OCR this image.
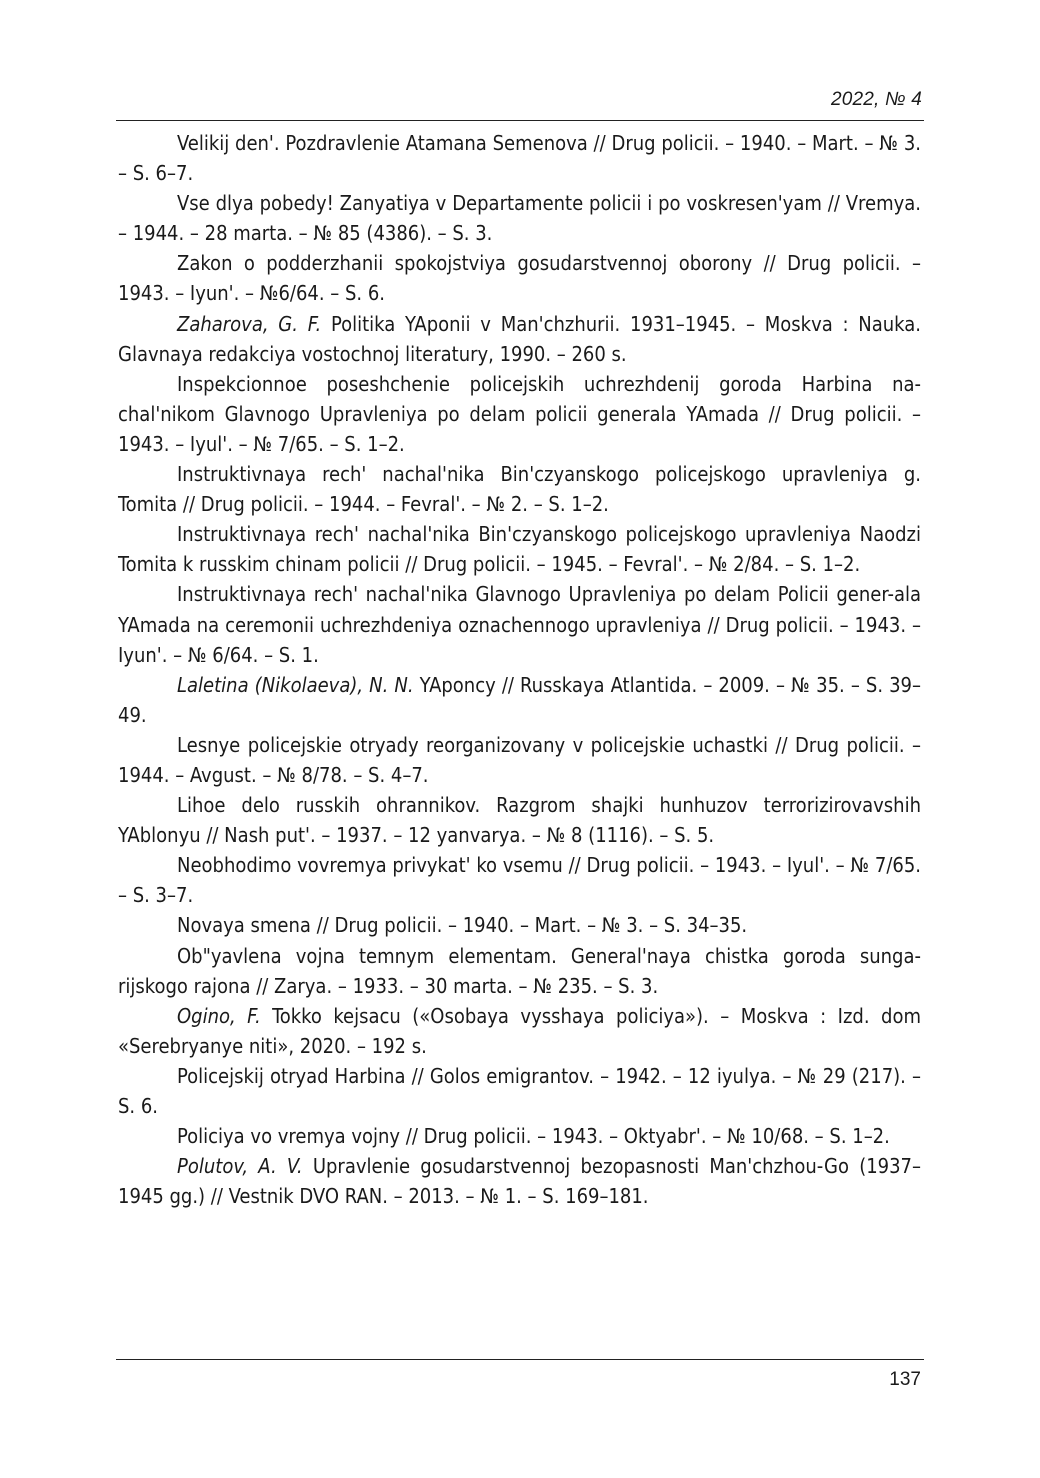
2022, № 4

Velikij den'. Pozdravlenie Atamana Semenova // Drug policii. – 1940. – Mart. – № 3. – S. 6–7.

Vse dlya pobedy! Zanyatiya v Departamente policii i po voskresen'yam // Vremya. – 1944. – 28 marta. – № 85 (4386). – S. 3.

Zakon o podderzhanii spokojstviya gosudarstvennoj oborony // Drug policii. – 1943. – Iyun'. – №6/64. – S. 6.

Zaharova, G. F. Politika YAponii v Man'chzhurii. 1931–1945. – Moskva : Nauka. Glavnaya redakciya vostochnoj literatury, 1990. – 260 s.

Inspekcionnoe poseshchenie policejskih uchrezhdenij goroda Harbina na-chal'nikom Glavnogo Upravleniya po delam policii generala YAmada // Drug policii. – 1943. – Iyul'. – № 7/65. – S. 1–2.

Instruktivnaya rech' nachal'nika Bin'czyanskogo policejskogo upravleniya g. Tomita // Drug policii. – 1944. – Fevral'. – № 2. – S. 1–2.

Instruktivnaya rech' nachal'nika Bin'czyanskogo policejskogo upravleniya Naodzi Tomita k russkim chinam policii // Drug policii. – 1945. – Fevral'. – № 2/84. – S. 1–2.

Instruktivnaya rech' nachal'nika Glavnogo Upravleniya po delam Policii gener-ala YAmada na ceremonii uchrezhdeniya oznachennogo upravleniya // Drug policii. – 1943. – Iyun'. – № 6/64. – S. 1.

Laletina (Nikolaeva), N. N. YAponcy // Russkaya Atlantida. – 2009. – № 35. – S. 39–49.

Lesnye policejskie otryady reorganizovany v policejskie uchastki // Drug policii. – 1944. – Avgust. – № 8/78. – S. 4–7.

Lihoe delo russkih ohrannikov. Razgrom shajki hunhuzov terrorizirovavshih YAblonyu // Nash put'. – 1937. – 12 yanvarya. – № 8 (1116). – S. 5.

Neobhodimo vovremya privykat' ko vsemu // Drug policii. – 1943. – Iyul'. – № 7/65. – S. 3–7.

Novaya smena // Drug policii. – 1940. – Mart. – № 3. – S. 34–35.

Ob"yavlena vojna temnym elementam. General'naya chistka goroda sunga-rijskogo rajona // Zarya. – 1933. – 30 marta. – № 235. – S. 3.

Ogino, F. Tokko kejsacu («Osobaya vysshaya policiya»). – Moskva : Izd. dom «Serebryanye niti», 2020. – 192 s.

Policejskij otryad Harbina // Golos emigrantov. – 1942. – 12 iyulya. – № 29 (217). – S. 6.

Policiya vo vremya vojny // Drug policii. – 1943. – Oktyabr'. – № 10/68. – S. 1–2.

Polutov, A. V. Upravlenie gosudarstvennoj bezopasnosti Man'chzhou-Go (1937–1945 gg.) // Vestnik DVO RAN. – 2013. – № 1. – S. 169–181.

137
